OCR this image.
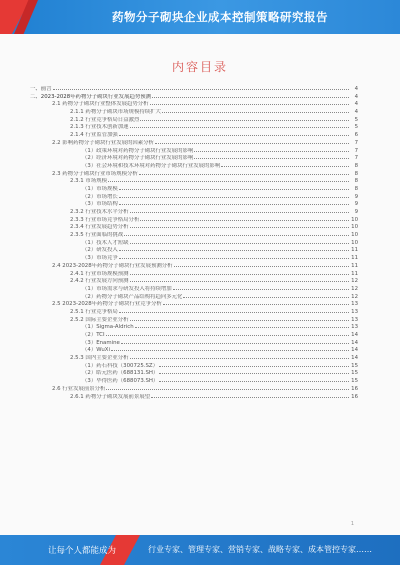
药物分子砌块企业成本控制策略研究报告
内容目录
一、前言	4
二、2023-2028年药物分子砌块行业发展趋势预测	4
2.1 药物分子砌块行业整体发展趋势分析	4
2.1.1 药物分子砌块市场规模持续扩大	4
2.1.2 行业竞争格局日益激烈	5
2.1.3 行业技术创新加速	5
2.1.4 行业监管加强	6
2.2 影响药物分子砌块行业发展的因素分析	7
（1）政策环境对药物分子砌块行业发展的影响	7
（2）经济环境对药物分子砌块行业发展的影响	7
（3）社会环境和技术环境对药物分子砌块行业发展的影响	8
2.3 药物分子砌块行业市场规模分析	8
2.3.1 市场规模	8
（1）市场规模	8
（2）市场增长	9
（3）市场结构	9
2.3.2 行业技术水平分析	9
2.3.3 行业市场竞争格局分析	10
2.3.4 行业发展趋势分析	10
2.3.5 行业面临的挑战	10
（1）技术人才短缺	10
（2）研发投入	11
（3）市场竞争	11
2.4 2023-2028年药物分子砌块行业发展预测分析	11
2.4.1 行业市场规模预测	11
2.4.2 行业发展方向预测	12
（1）市场需求与研发投入将持续增加	12
（2）药物分子砌块产品结构将趋向多元化	12
2.5 2023-2028年药物分子砌块行业竞争分析	13
2.5.1 行业竞争格局	13
2.5.2 国际主要企业分析	13
（1）Sigma-Aldrich	13
（2）TCI	14
（3）Enamine	14
（4）WuXi	14
2.5.3 国内主要企业分析	14
（1）药石科技（300725.SZ）	15
（2）皓元医药（688131.SH）	15
（3）毕得医药（688073.SH）	15
2.6 行业发展前景分析	16
2.6.1 药物分子砌块发展前景展望	16
1
让每个人都能成为	行业专家、管理专家、营销专家、战略专家、成本管控专家……
